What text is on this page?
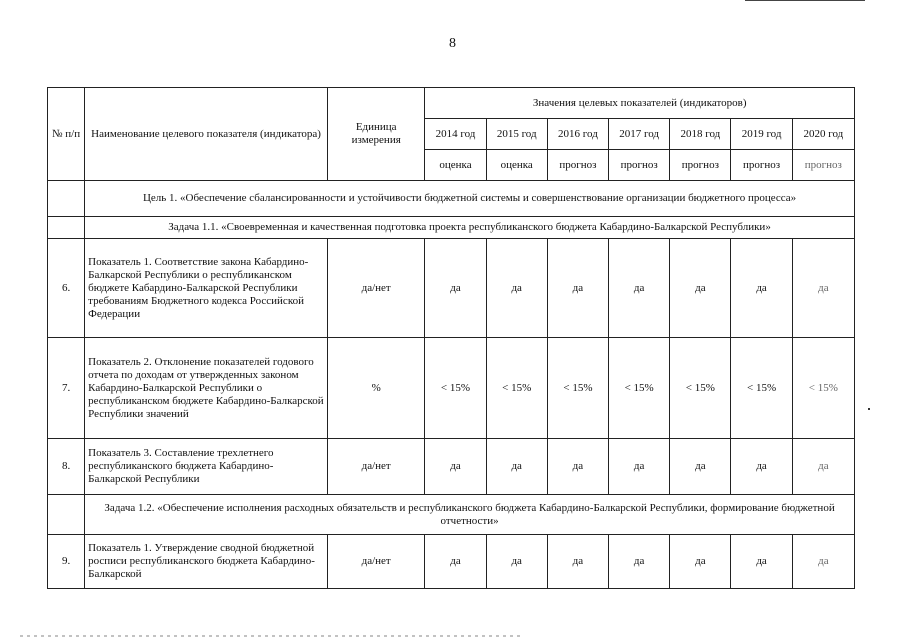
8
№ п/п	Наименование целевого показателя (индикатора)	Единица измерения	Значения целевых показателей (индикаторов)						
			2014 год	2015 год	2016 год	2017 год	2018 год	2019 год	2020 год
			оценка	оценка	прогноз	прогноз	прогноз	прогноз	прогноз
	Цель 1. «Обеспечение сбалансированности и устойчивости бюджетной системы и совершенствование организации бюджетного процесса»								
	Задача 1.1. «Своевременная и качественная подготовка проекта республиканского бюджета Кабардино-Балкарской Республики»								
6.	Показатель 1. Соответствие закона Кабардино-Балкарской Республики о республиканском бюджете Кабардино-Балкарской Республики требованиям Бюджетного кодекса Российской Федерации	да/нет	да	да	да	да	да	да	да
7.	Показатель 2. Отклонение показателей годового отчета по доходам от утвержденных законом Кабардино-Балкарской Республики о республиканском бюджете Кабардино-Балкарской Республики значений	%	< 15%	< 15%	< 15%	< 15%	< 15%	< 15%	< 15%
8.	Показатель 3. Составление трехлетнего республиканского бюджета Кабардино-Балкарской Республики	да/нет	да	да	да	да	да	да	да
	Задача 1.2. «Обеспечение исполнения расходных обязательств и республиканского бюджета Кабардино-Балкарской Республики, формирование бюджетной отчетности»								
9.	Показатель 1. Утверждение сводной бюджетной росписи республиканского бюджета Кабардино-Балкарской	да/нет	да	да	да	да	да	да	да
